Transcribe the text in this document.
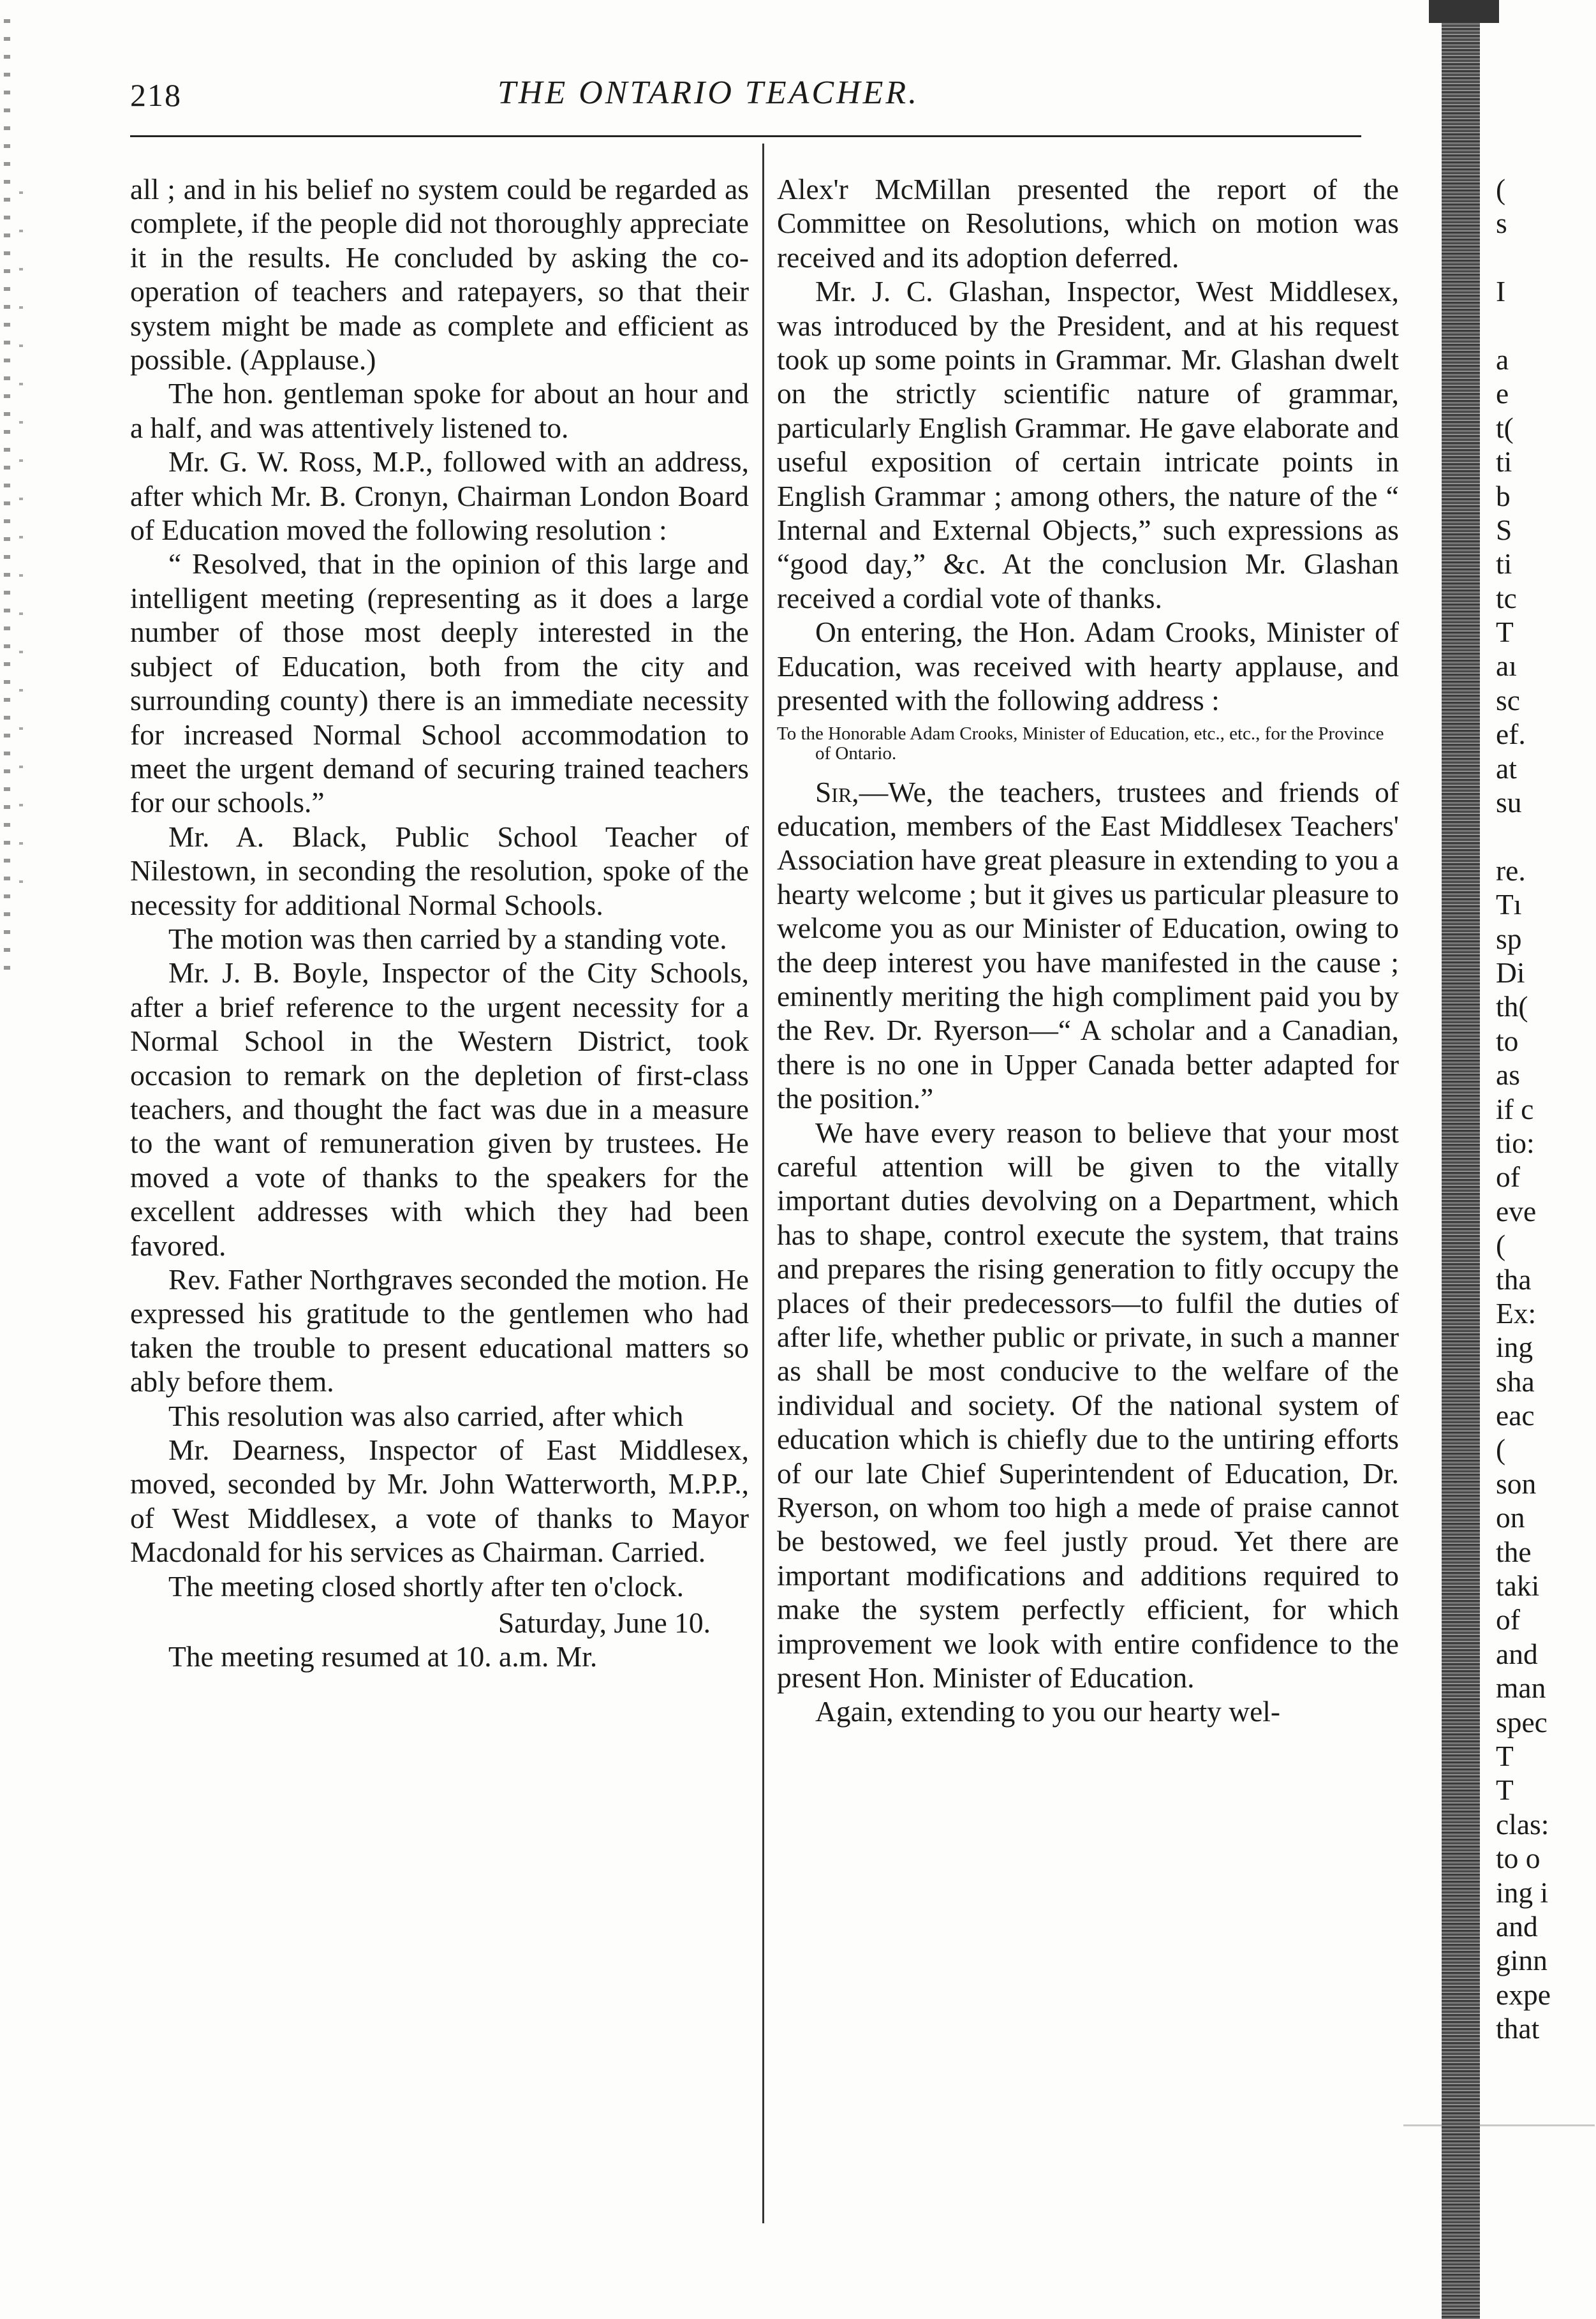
218	THE ONTARIO TEACHER.

all ; and in his belief no system could be regarded as complete, if the people did not thoroughly appreciate it in the results. He concluded by asking the co-operation of teachers and ratepayers, so that their system might be made as complete and efficient as possible. (Applause.)

The hon. gentleman spoke for about an hour and a half, and was attentively listened to.

Mr. G. W. Ross, M.P., followed with an address, after which Mr. B. Cronyn, Chairman London Board of Education moved the following resolution :

“ Resolved, that in the opinion of this large and intelligent meeting (representing as it does a large number of those most deeply interested in the subject of Education, both from the city and surrounding county) there is an immediate necessity for increased Normal School accommodation to meet the urgent demand of securing trained teachers for our schools.”

Mr. A. Black, Public School Teacher of Nilestown, in seconding the resolution, spoke of the necessity for additional Normal Schools.

The motion was then carried by a standing vote.

Mr. J. B. Boyle, Inspector of the City Schools, after a brief reference to the urgent necessity for a Normal School in the Western District, took occasion to remark on the depletion of first-class teachers, and thought the fact was due in a measure to the want of remuneration given by trustees. He moved a vote of thanks to the speakers for the excellent addresses with which they had been favored.

Rev. Father Northgraves seconded the motion. He expressed his gratitude to the gentlemen who had taken the trouble to present educational matters so ably before them.

This resolution was also carried, after which

Mr. Dearness, Inspector of East Middlesex, moved, seconded by Mr. John Watterworth, M.P.P., of West Middlesex, a vote of thanks to Mayor Macdonald for his services as Chairman. Carried.

The meeting closed shortly after ten o'clock.

Saturday, June 10.

The meeting resumed at 10. a.m. Mr.

Alex'r McMillan presented the report of the Committee on Resolutions, which on motion was received and its adoption deferred.

Mr. J. C. Glashan, Inspector, West Middlesex, was introduced by the President, and at his request took up some points in Grammar. Mr. Glashan dwelt on the strictly scientific nature of grammar, particularly English Grammar. He gave elaborate and useful exposition of certain intricate points in English Grammar ; among others, the nature of the “ Internal and External Objects,” such expressions as “good day,” &c. At the conclusion Mr. Glashan received a cordial vote of thanks.

On entering, the Hon. Adam Crooks, Minister of Education, was received with hearty applause, and presented with the following address :

To the Honorable Adam Crooks, Minister of Education, etc., etc., for the Province of Ontario.

Sir,—We, the teachers, trustees and friends of education, members of the East Middlesex Teachers' Association have great pleasure in extending to you a hearty welcome ; but it gives us particular pleasure to welcome you as our Minister of Education, owing to the deep interest you have manifested in the cause ; eminently meriting the high compliment paid you by the Rev. Dr. Ryerson—“ A scholar and a Canadian, there is no one in Upper Canada better adapted for the position.”

We have every reason to believe that your most careful attention will be given to the vitally important duties devolving on a Department, which has to shape, control execute the system, that trains and prepares the rising generation to fitly occupy the places of their predecessors—to fulfil the duties of after life, whether public or private, in such a manner as shall be most conducive to the welfare of the individual and society. Of the national system of education which is chiefly due to the untiring efforts of our late Chief Superintendent of Education, Dr. Ryerson, on whom too high a mede of praise cannot be bestowed, we feel justly proud. Yet there are important modifications and additions required to make the system perfectly efficient, for which improvement we look with entire confidence to the present Hon. Minister of Education.

Again, extending to you our hearty wel-

(
s
I
a
e
t(
ti
b
S
ti
tc
T
aı
sc
ef.
at
su
re.
Tı
sp
Di
th(
to
as
if c
tio:
of
eve
(
tha
Ex:
ing
sha
eac
(
son
on
the
taki
of
and
man
spec
T
T
clas:
to o
ing i
and
ginn
expe
that
